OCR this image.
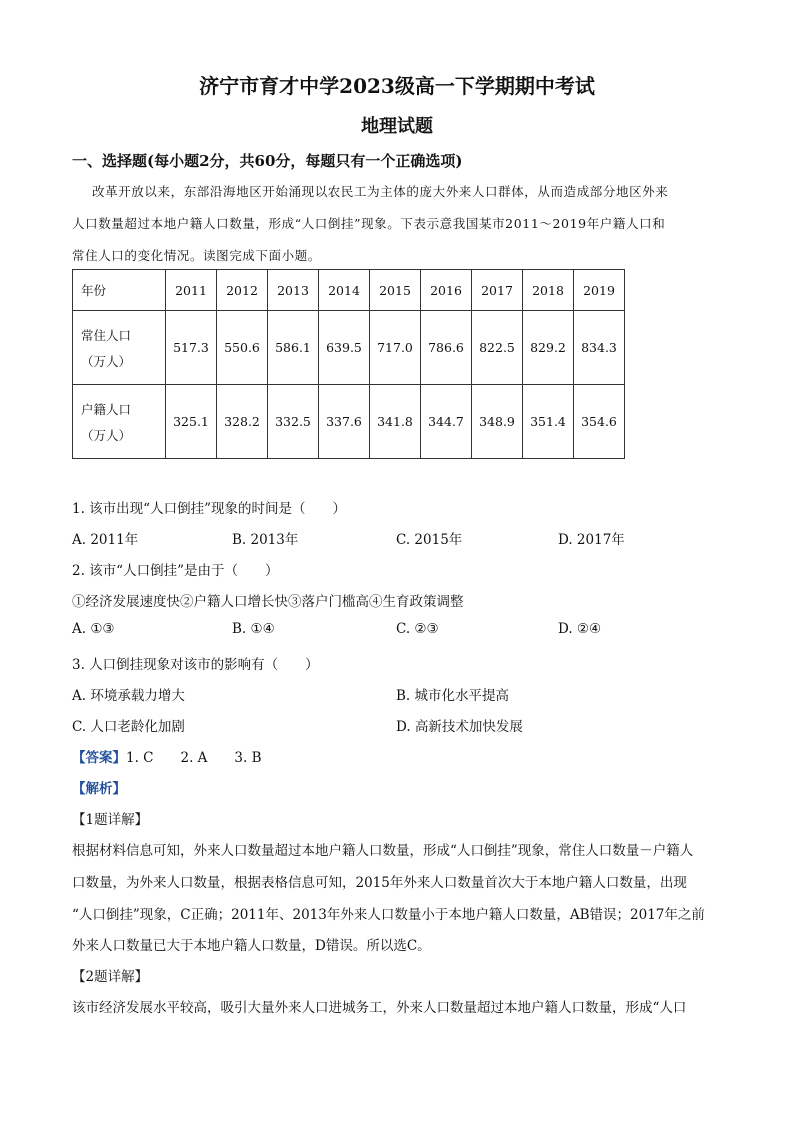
济宁市育才中学2023级高一下学期期中考试
地理试题
一、选择题(每小题2分，共60分，每题只有一个正确选项)
改革开放以来，东部沿海地区开始涌现以农民工为主体的庞大外来人口群体，从而造成部分地区外来
人口数量超过本地户籍人口数量，形成“人口倒挂”现象。下表示意我国某市2011～2019年户籍人口和
常住人口的变化情况。读图完成下面小题。
年份	2011	2012	2013	2014	2015	2016	2017	2018	2019

常住人口
（万人）	517.3	550.6	586.1	639.5	717.0	786.6	822.5	829.2	834.3

户籍人口
（万人）	325.1	328.2	332.5	337.6	341.8	344.7	348.9	351.4	354.6
1. 该市出现“人口倒挂”现象的时间是（　　）
A. 2011年	B. 2013年	C. 2015年	D. 2017年
2. 该市“人口倒挂”是由于（　　）
①经济发展速度快②户籍人口增长快③落户门槛高④生育政策调整
A. ①③	B. ①④	C. ②③	D. ②④
3. 人口倒挂现象对该市的影响有（　　）
A. 环境承载力增大	B. 城市化水平提高
C. 人口老龄化加剧	D. 高新技术加快发展
【答案】1. C　　2. A　　3. B
【解析】
【1题详解】
根据材料信息可知，外来人口数量超过本地户籍人口数量，形成“人口倒挂”现象，常住人口数量－户籍人
口数量，为外来人口数量，根据表格信息可知，2015年外来人口数量首次大于本地户籍人口数量，出现
“人口倒挂”现象，C正确；2011年、2013年外来人口数量小于本地户籍人口数量，AB错误；2017年之前
外来人口数量已大于本地户籍人口数量，D错误。所以选C。
【2题详解】
该市经济发展水平较高，吸引大量外来人口进城务工，外来人口数量超过本地户籍人口数量，形成“人口
